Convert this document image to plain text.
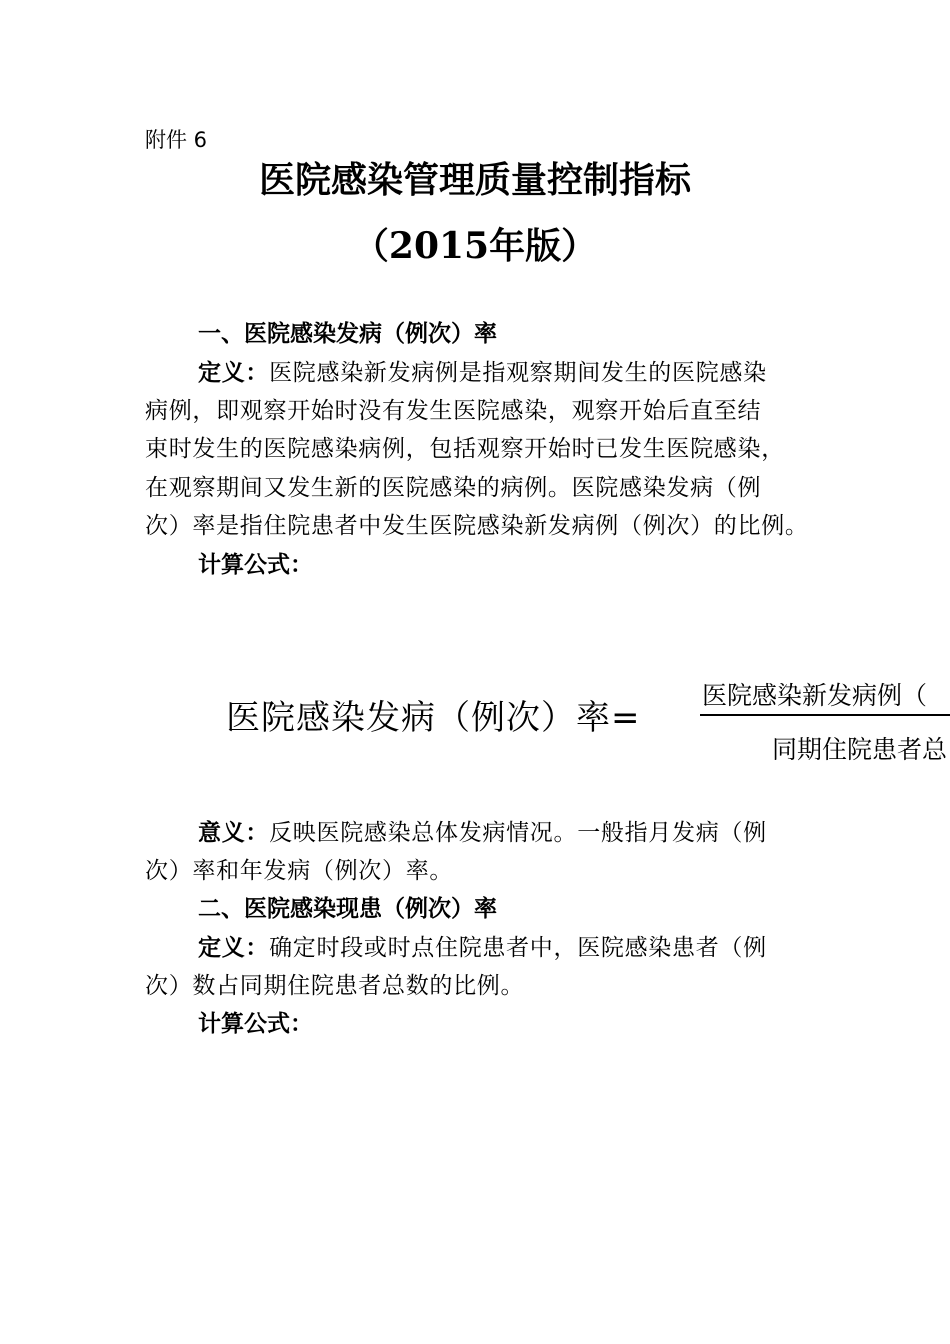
附件 6
医院感染管理质量控制指标
（2015年版）
一、医院感染发病（例次）率
定义：医院感染新发病例是指观察期间发生的医院感染
病例，即观察开始时没有发生医院感染，观察开始后直至结
束时发生的医院感染病例，包括观察开始时已发生医院感染，
在观察期间又发生新的医院感染的病例。医院感染发病（例
次）率是指住院患者中发生医院感染新发病例（例次）的比例。
计算公式：
医院感染发病（例次）率=
医院感染新发病例（
同期住院患者总
意义：反映医院感染总体发病情况。一般指月发病（例
次）率和年发病（例次）率。
二、医院感染现患（例次）率
定义：确定时段或时点住院患者中，医院感染患者（例
次）数占同期住院患者总数的比例。
计算公式：
